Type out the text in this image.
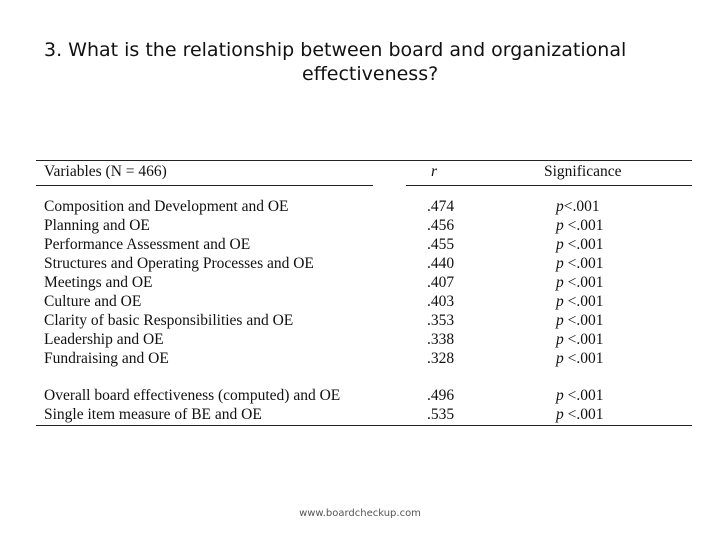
3. What is the relationship between board and organizational
effectiveness?
Variables (N = 466)	r	Significance
Composition and Development and OE	.474	p<.001
Planning and OE	.456	p <.001
Performance Assessment and OE	.455	p <.001
Structures and Operating Processes and OE	.440	p <.001
Meetings and OE	.407	p <.001
Culture and OE	.403	p <.001
Clarity of basic Responsibilities and OE	.353	p <.001
Leadership and OE	.338	p <.001
Fundraising and OE	.328	p <.001
Overall board effectiveness (computed) and OE	.496	p <.001
Single item measure of BE and OE	.535	p <.001
www.boardcheckup.com
